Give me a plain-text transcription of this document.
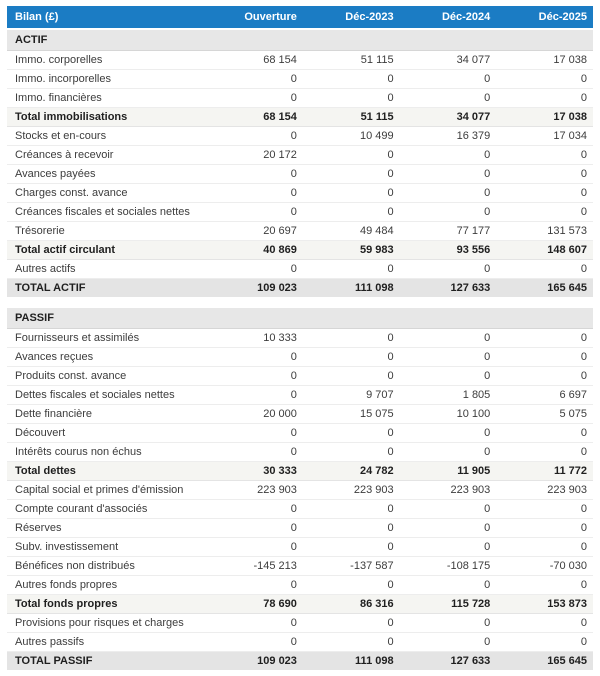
Bilan (£)	Ouverture	Déc-2023	Déc-2024	Déc-2025
ACTIF				
Immo. corporelles	68 154	51 115	34 077	17 038
Immo. incorporelles	0	0	0	0
Immo. financières	0	0	0	0
Total immobilisations	68 154	51 115	34 077	17 038
Stocks et en-cours	0	10 499	16 379	17 034
Créances à recevoir	20 172	0	0	0
Avances payées	0	0	0	0
Charges const. avance	0	0	0	0
Créances fiscales et sociales nettes	0	0	0	0
Trésorerie	20 697	49 484	77 177	131 573
Total actif circulant	40 869	59 983	93 556	148 607
Autres actifs	0	0	0	0
TOTAL ACTIF	109 023	111 098	127 633	165 645

PASSIF				
Fournisseurs et assimilés	10 333	0	0	0
Avances reçues	0	0	0	0
Produits const. avance	0	0	0	0
Dettes fiscales et sociales nettes	0	9 707	1 805	6 697
Dette financière	20 000	15 075	10 100	5 075
Découvert	0	0	0	0
Intérêts courus non échus	0	0	0	0
Total dettes	30 333	24 782	11 905	11 772
Capital social et primes d'émission	223 903	223 903	223 903	223 903
Compte courant d'associés	0	0	0	0
Réserves	0	0	0	0
Subv. investissement	0	0	0	0
Bénéfices non distribués	-145 213	-137 587	-108 175	-70 030
Autres fonds propres	0	0	0	0
Total fonds propres	78 690	86 316	115 728	153 873
Provisions pour risques et charges	0	0	0	0
Autres passifs	0	0	0	0
TOTAL PASSIF	109 023	111 098	127 633	165 645
